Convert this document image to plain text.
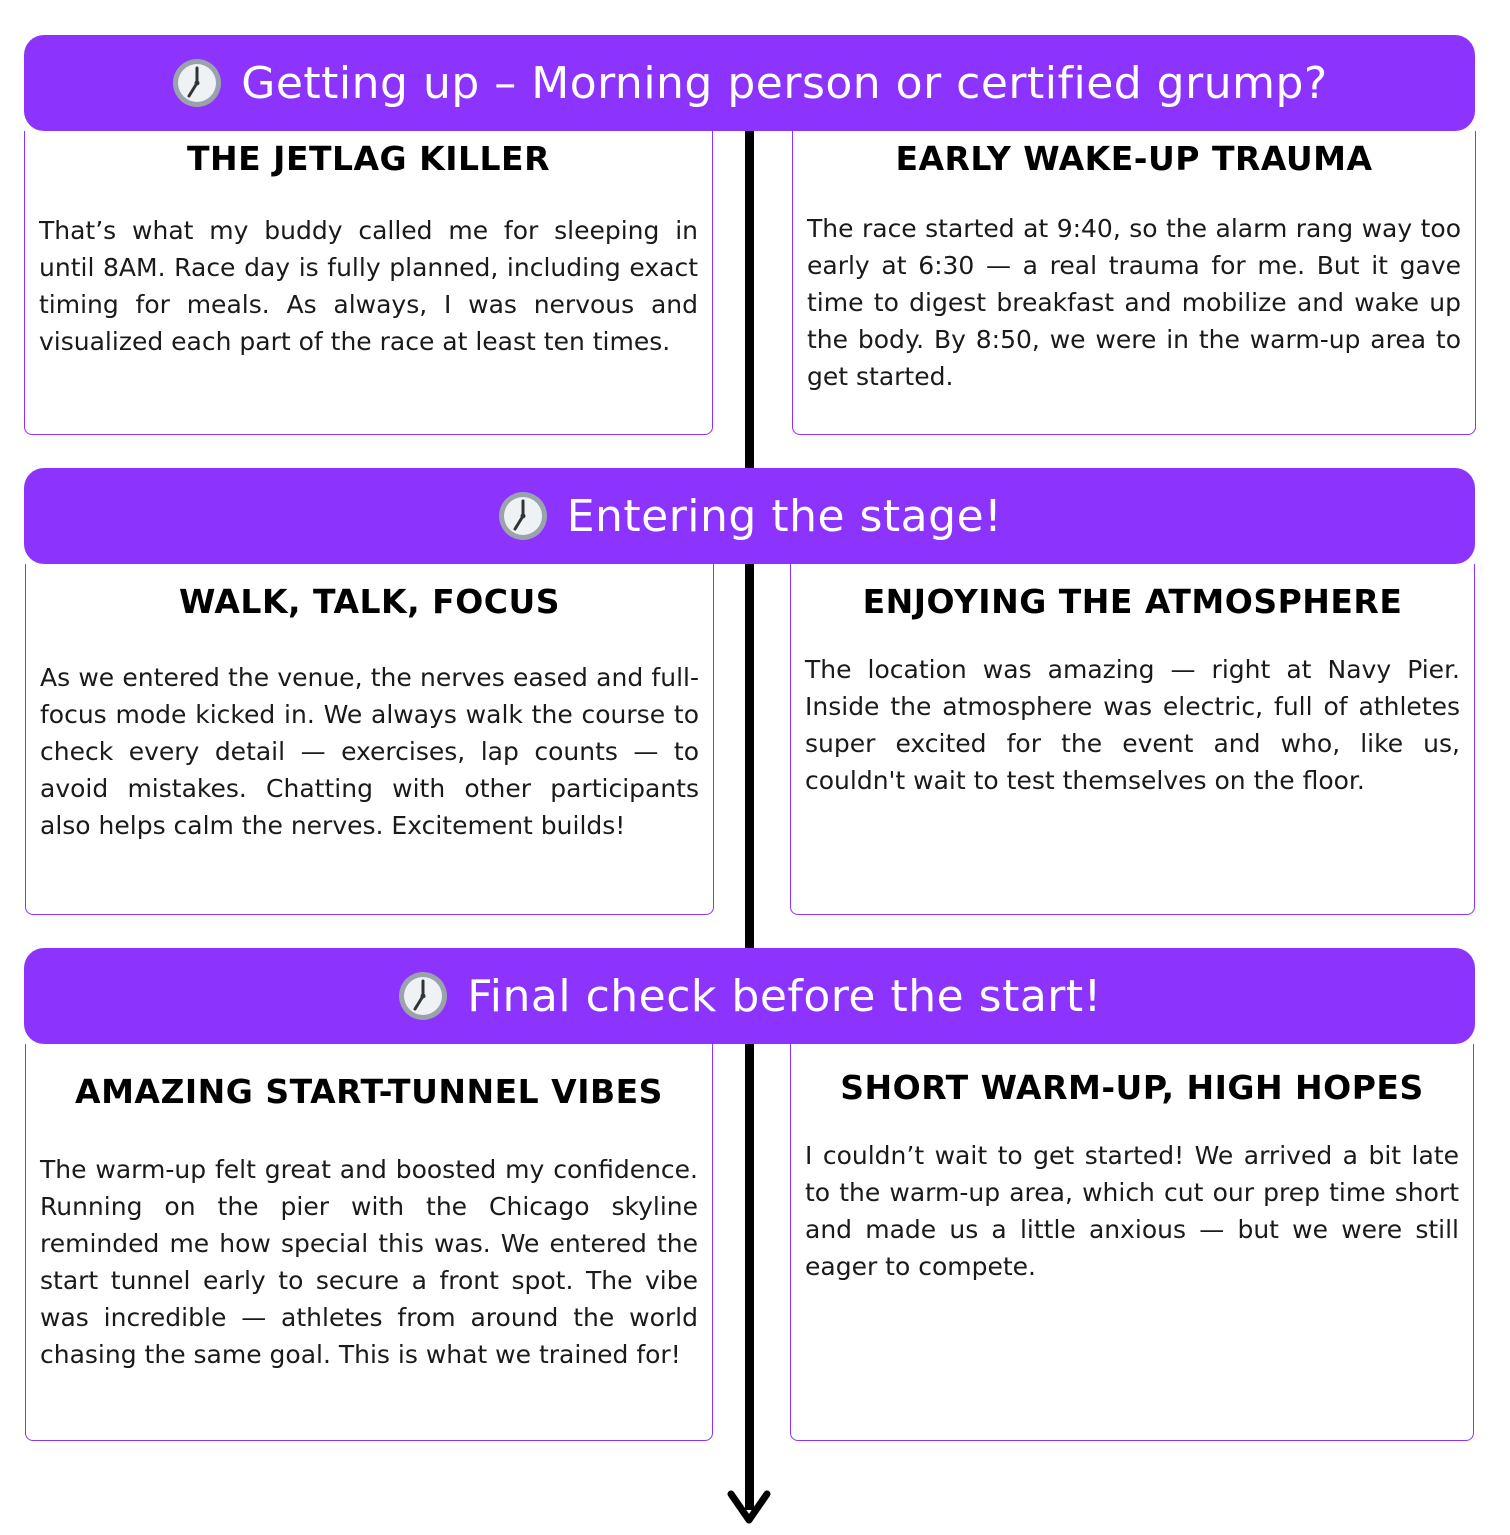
Getting up – Morning person or certified grump?
THE JETLAG KILLER

That’s what my buddy called me for sleeping in until 8AM. Race day is fully planned, including exact timing for meals. As always, I was nervous and visualized each part of the race at least ten times.

EARLY WAKE-UP TRAUMA

The race started at 9:40, so the alarm rang way too early at 6:30 — a real trauma for me. But it gave time to digest breakfast and mobilize and wake up the body. By 8:50, we were in the warm-up area to get started.

Entering the stage!
WALK, TALK, FOCUS

As we entered the venue, the nerves eased and full-focus mode kicked in. We always walk the course to check every detail — exercises, lap counts — to avoid mistakes. Chatting with other participants also helps calm the nerves. Excitement builds!

ENJOYING THE ATMOSPHERE

The location was amazing — right at Navy Pier. Inside the atmosphere was electric, full of athletes super excited for the event and who, like us, couldn't wait to test themselves on the floor.

Final check before the start!
AMAZING START-TUNNEL VIBES

The warm-up felt great and boosted my confidence. Running on the pier with the Chicago skyline reminded me how special this was. We entered the start tunnel early to secure a front spot. The vibe was incredible — athletes from around the world chasing the same goal. This is what we trained for!

SHORT WARM-UP, HIGH HOPES

I couldn’t wait to get started! We arrived a bit late to the warm-up area, which cut our prep time short and made us a little anxious — but we were still eager to compete.
